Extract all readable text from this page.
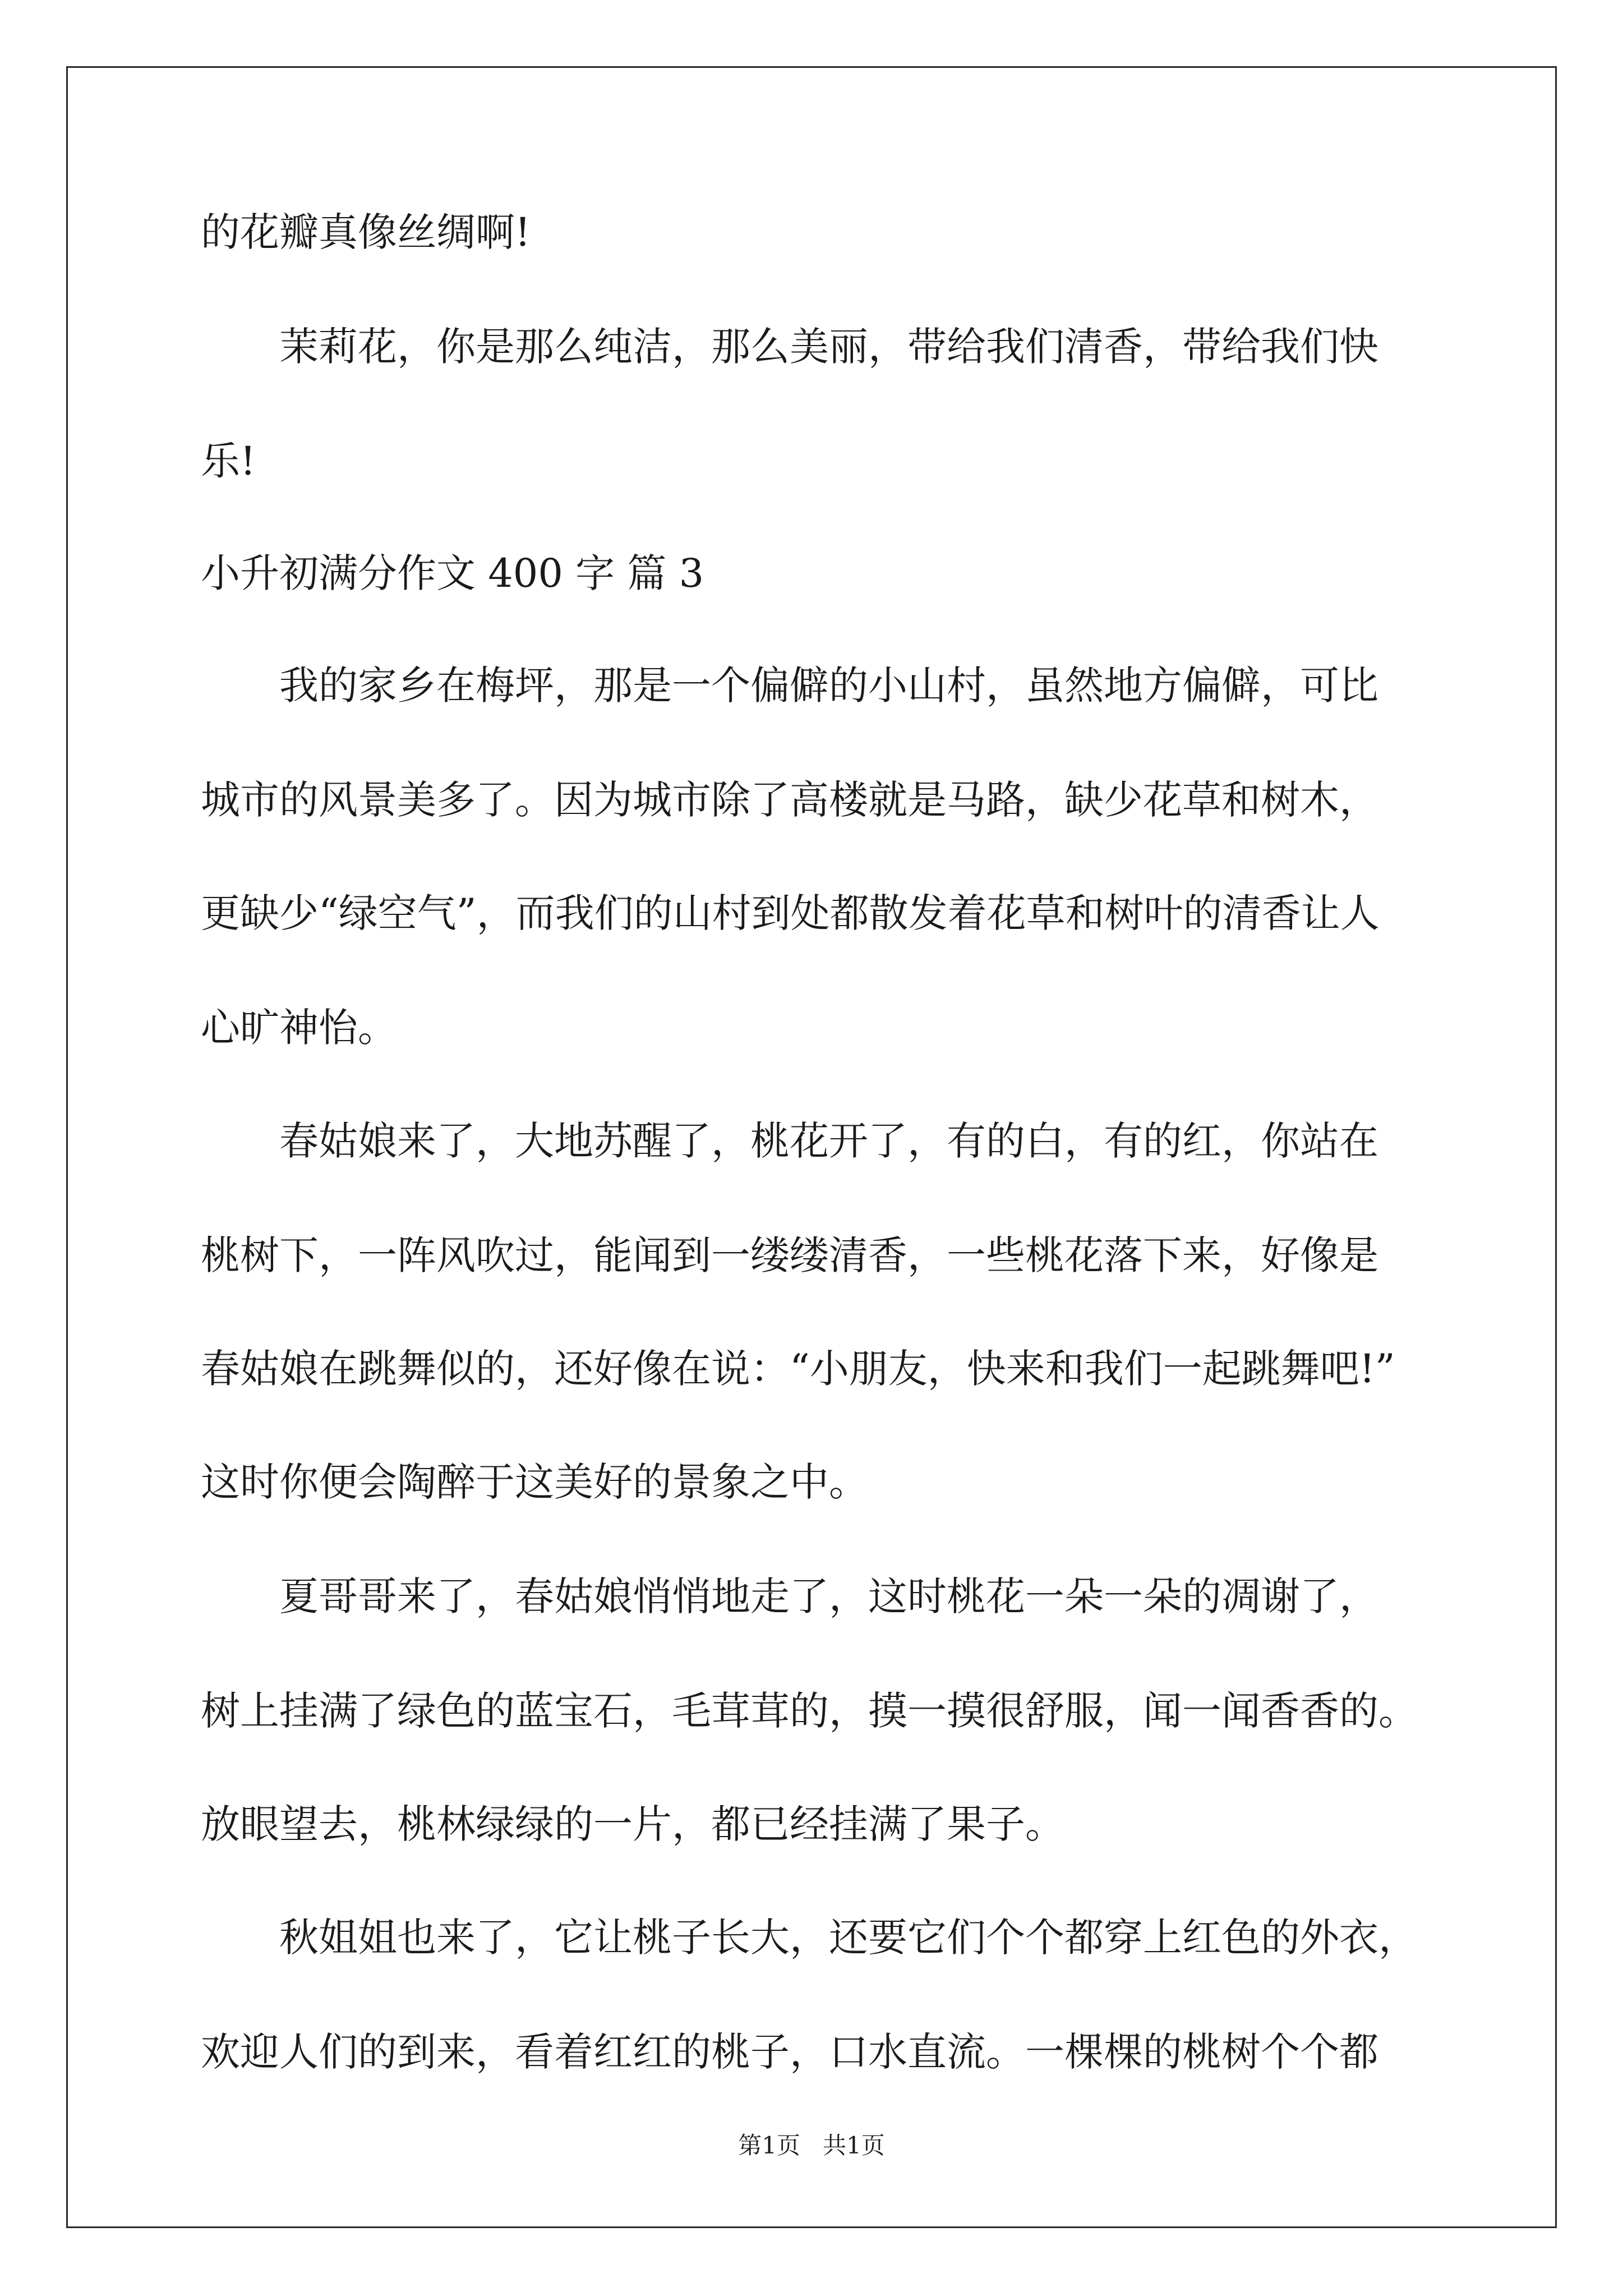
的花瓣真像丝绸啊!

茉莉花，你是那么纯洁，那么美丽，带给我们清香，带给我们快

乐!

小升初满分作文 400 字 篇 3

我的家乡在梅坪，那是一个偏僻的小山村，虽然地方偏僻，可比

城市的风景美多了。因为城市除了高楼就是马路，缺少花草和树木，

更缺少“绿空气”，而我们的山村到处都散发着花草和树叶的清香让人

心旷神怡。

春姑娘来了，大地苏醒了，桃花开了，有的白，有的红，你站在

桃树下，一阵风吹过，能闻到一缕缕清香，一些桃花落下来，好像是

春姑娘在跳舞似的，还好像在说：“小朋友，快来和我们一起跳舞吧!”

这时你便会陶醉于这美好的景象之中。

夏哥哥来了，春姑娘悄悄地走了，这时桃花一朵一朵的凋谢了，

树上挂满了绿色的蓝宝石，毛茸茸的，摸一摸很舒服，闻一闻香香的。

放眼望去，桃林绿绿的一片，都已经挂满了果子。

秋姐姐也来了，它让桃子长大，还要它们个个都穿上红色的外衣，

欢迎人们的到来，看着红红的桃子，口水直流。一棵棵的桃树个个都

第1页   共1页
